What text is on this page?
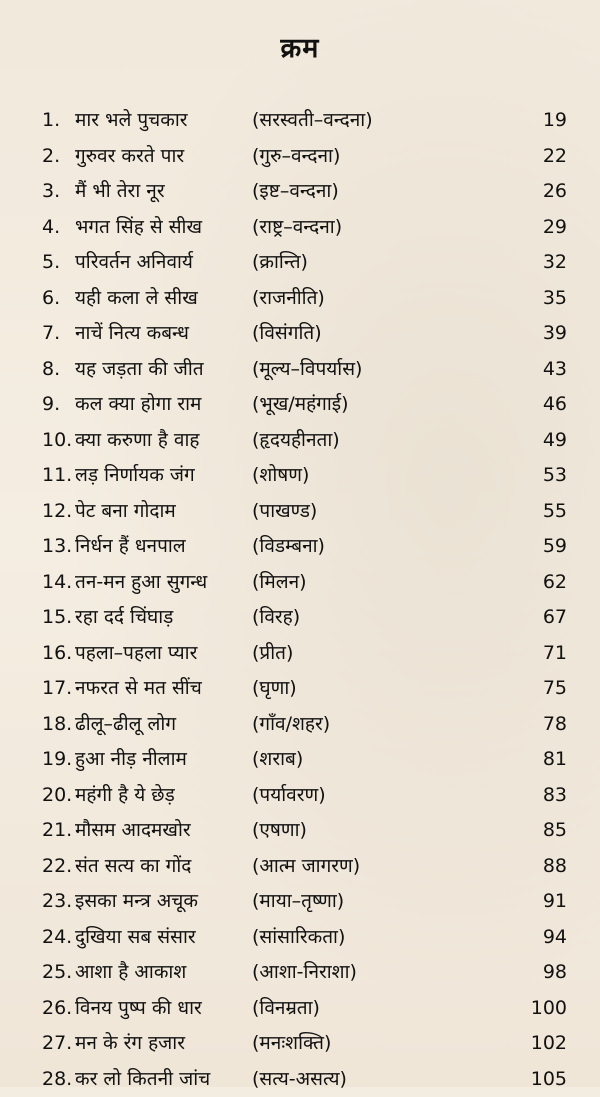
क्रम
1. मार भले पुचकार	(सरस्वती–वन्दना)	19
2. गुरुवर करते पार	(गुरु–वन्दना)	22
3. मैं भी तेरा नूर	(इष्ट–वन्दना)	26
4. भगत सिंह से सीख	(राष्ट्र–वन्दना)	29
5. परिवर्तन अनिवार्य	(क्रान्ति)	32
6. यही कला ले सीख	(राजनीति)	35
7. नाचें नित्य कबन्ध	(विसंगति)	39
8. यह जड़ता की जीत	(मूल्य–विपर्यास)	43
9. कल क्या होगा राम	(भूख/महंगाई)	46
10. क्या करुणा है वाह	(हृदयहीनता)	49
11. लड़ निर्णायक जंग	(शोषण)	53
12. पेट बना गोदाम	(पाखण्ड)	55
13. निर्धन हैं धनपाल	(विडम्बना)	59
14. तन-मन हुआ सुगन्ध (मिलन)	62
15. रहा दर्द चिंघाड़	(विरह)	67
16. पहला–पहला प्यार	(प्रीत)	71
17. नफरत से मत सींच	(घृणा)	75
18. ढीलू–ढीलू लोग	(गाँव/शहर)	78
19. हुआ नीड़ नीलाम	(शराब)	81
20. महंगी है ये छेड़	(पर्यावरण)	83
21. मौसम आदमखोर	(एषणा)	85
22. संत सत्य का गोंद	(आत्म जागरण)	88
23. इसका मन्त्र अचूक	(माया–तृष्णा)	91
24. दुखिया सब संसार	(सांसारिकता)	94
25. आशा है आकाश	(आशा-निराशा)	98
26. विनय पुष्प की धार	(विनम्रता)	100
27. मन के रंग हजार	(मनःशक्ति)	102
28. कर लो कितनी जांच (सत्य-असत्य)	105
